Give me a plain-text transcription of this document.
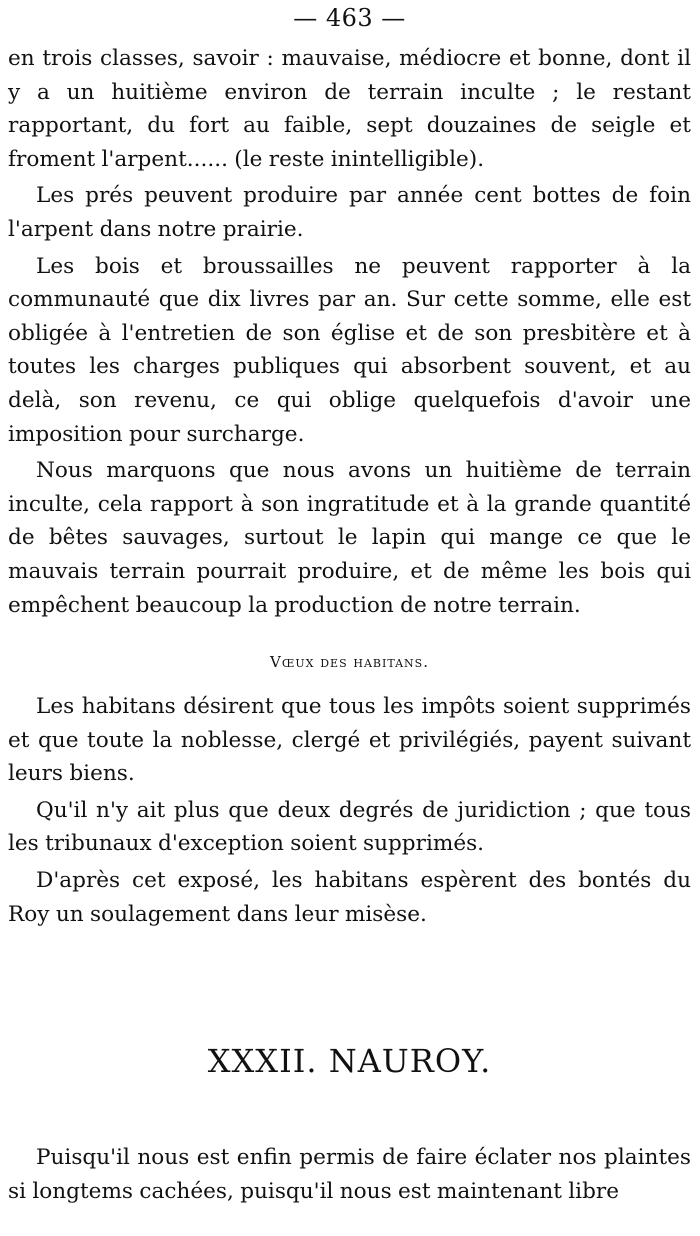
— 463 —

en trois classes, savoir : mauvaise, médiocre et bonne, dont il y a un huitième environ de terrain inculte ; le restant rapportant, du fort au faible, sept douzaines de seigle et froment l'arpent...... (le reste inintelligible).

Les prés peuvent produire par année cent bottes de foin l'arpent dans notre prairie.

Les bois et broussailles ne peuvent rapporter à la communauté que dix livres par an. Sur cette somme, elle est obligée à l'entretien de son église et de son presbitère et à toutes les charges publiques qui absorbent souvent, et au delà, son revenu, ce qui oblige quelquefois d'avoir une imposition pour surcharge.

Nous marquons que nous avons un huitième de terrain inculte, cela rapport à son ingratitude et à la grande quantité de bêtes sauvages, surtout le lapin qui mange ce que le mauvais terrain pourrait produire, et de même les bois qui empêchent beaucoup la production de notre terrain.

Vœux des habitans.

Les habitans désirent que tous les impôts soient supprimés et que toute la noblesse, clergé et privilégiés, payent suivant leurs biens.

Qu'il n'y ait plus que deux degrés de juridiction ; que tous les tribunaux d'exception soient supprimés.

D'après cet exposé, les habitans espèrent des bontés du Roy un soulagement dans leur misèse.

XXXII. NAUROY.

Puisqu'il nous est enfin permis de faire éclater nos plaintes si longtems cachées, puisqu'il nous est maintenant libre
